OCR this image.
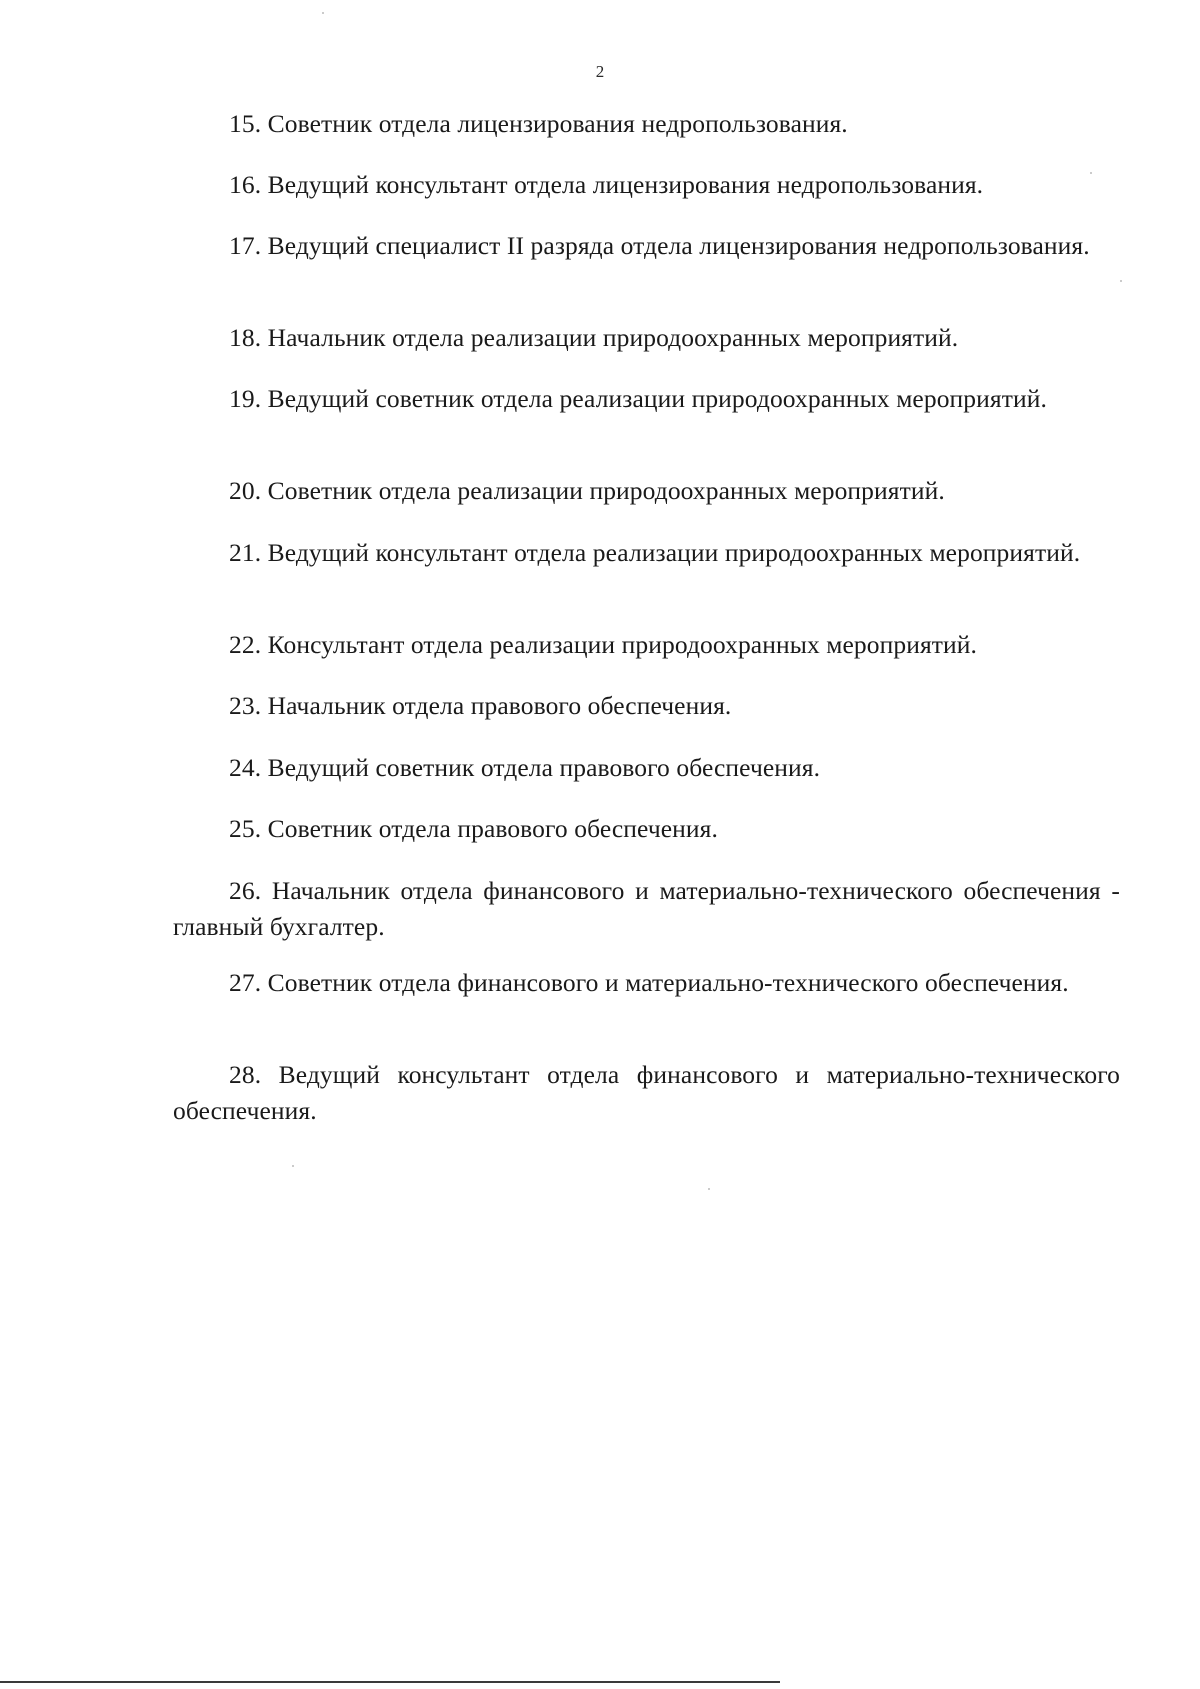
2
15. Советник отдела лицензирования недропользования.
16. Ведущий консультант отдела лицензирования недропользования.
17. Ведущий специалист II разряда отдела лицензирования недропользования.
18. Начальник отдела реализации природоохранных мероприятий.
19. Ведущий советник отдела реализации природоохранных мероприятий.
20. Советник отдела реализации природоохранных мероприятий.
21. Ведущий консультант отдела реализации природоохранных мероприятий.
22. Консультант отдела реализации природоохранных мероприятий.
23. Начальник отдела правового обеспечения.
24. Ведущий советник отдела правового обеспечения.
25. Советник отдела правового обеспечения.
26. Начальник отдела финансового и материально-технического обеспечения - главный бухгалтер.
27. Советник отдела финансового и материально-технического обеспечения.
28. Ведущий консультант отдела финансового и материально-технического обеспечения.
